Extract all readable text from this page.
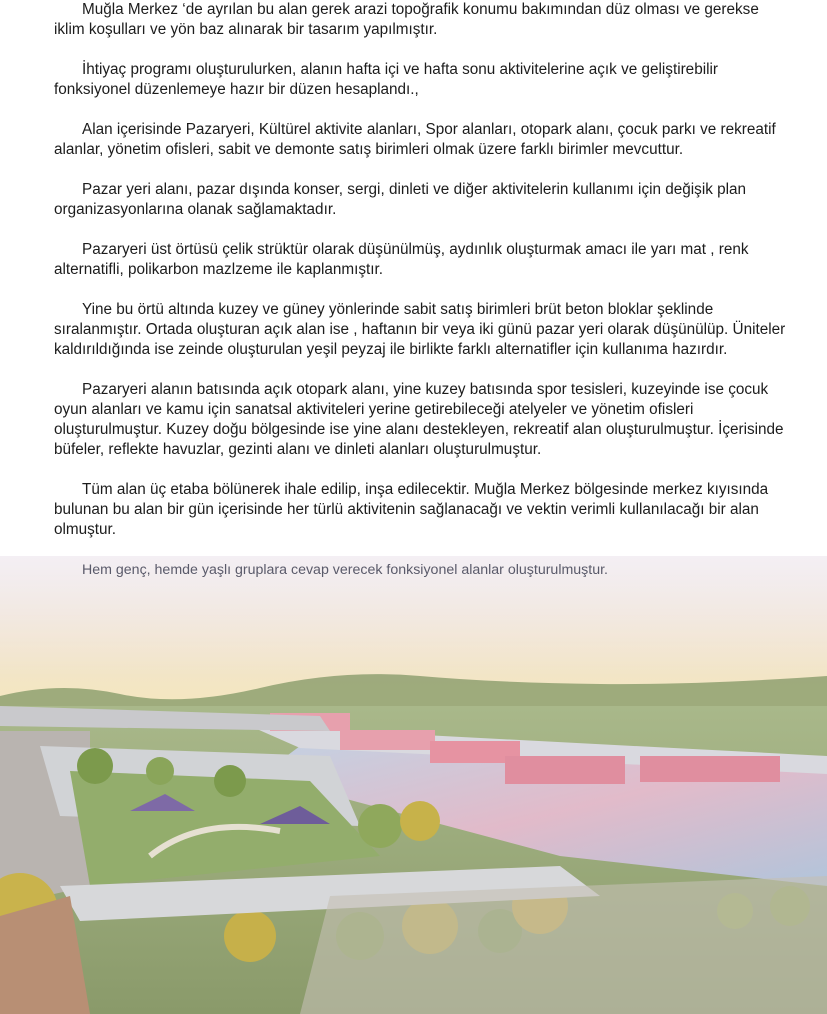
Muğla Merkez ‘de ayrılan bu alan gerek arazi topoğrafik konumu bakımından düz olması ve gerekse iklim koşulları ve yön baz alınarak bir tasarım yapılmıştır.

İhtiyaç programı oluşturulurken, alanın hafta içi ve hafta sonu aktivitelerine açık ve geliştirebilir fonksiyonel düzenlemeye hazır bir düzen hesaplandı.,

Alan içerisinde Pazaryeri, Kültürel aktivite alanları, Spor alanları, otopark alanı, çocuk parkı ve rekreatif alanlar, yönetim ofisleri, sabit ve demonte satış birimleri olmak üzere farklı birimler mevcuttur.

Pazar yeri alanı, pazar dışında konser, sergi, dinleti ve diğer aktivitelerin kullanımı için değişik plan organizasyonlarına olanak sağlamaktadır.

Pazaryeri üst örtüsü çelik strüktür olarak düşünülmüş, aydınlık oluşturmak amacı ile yarı mat , renk alternatifli, polikarbon mazlzeme ile kaplanmıştır.

Yine bu örtü altında kuzey ve güney yönlerinde sabit satış birimleri brüt beton bloklar şeklinde sıralanmıştır. Ortada oluşturan açık alan ise , haftanın bir veya iki günü pazar yeri olarak düşünülüp. Üniteler kaldırıldığında ise zeinde oluşturulan yeşil peyzaj ile birlikte farklı alternatifler için kullanıma hazırdır.

Pazaryeri alanın batısında açık otopark alanı, yine kuzey batısında spor tesisleri, kuzeyinde ise çocuk oyun alanları ve kamu için sanatsal aktiviteleri yerine getirebileceği atelyeler ve yönetim ofisleri oluşturulmuştur. Kuzey doğu bölgesinde ise yine alanı destekleyen, rekreatif alan oluşturulmuştur. İçerisinde büfeler, reflekte havuzlar, gezinti alanı ve dinleti alanları oluşturulmuştur.

Tüm alan üç etaba bölünerek ihale edilip, inşa edilecektir. Muğla Merkez bölgesinde merkez kıyısında bulunan bu alan bir gün içerisinde her türlü aktivitenin sağlanacağı ve vektin verimli kullanılacağı bir alan olmuştur.

Hem genç, hemde yaşlı gruplara cevap verecek fonksiyonel alanlar oluşturulmuştur.
